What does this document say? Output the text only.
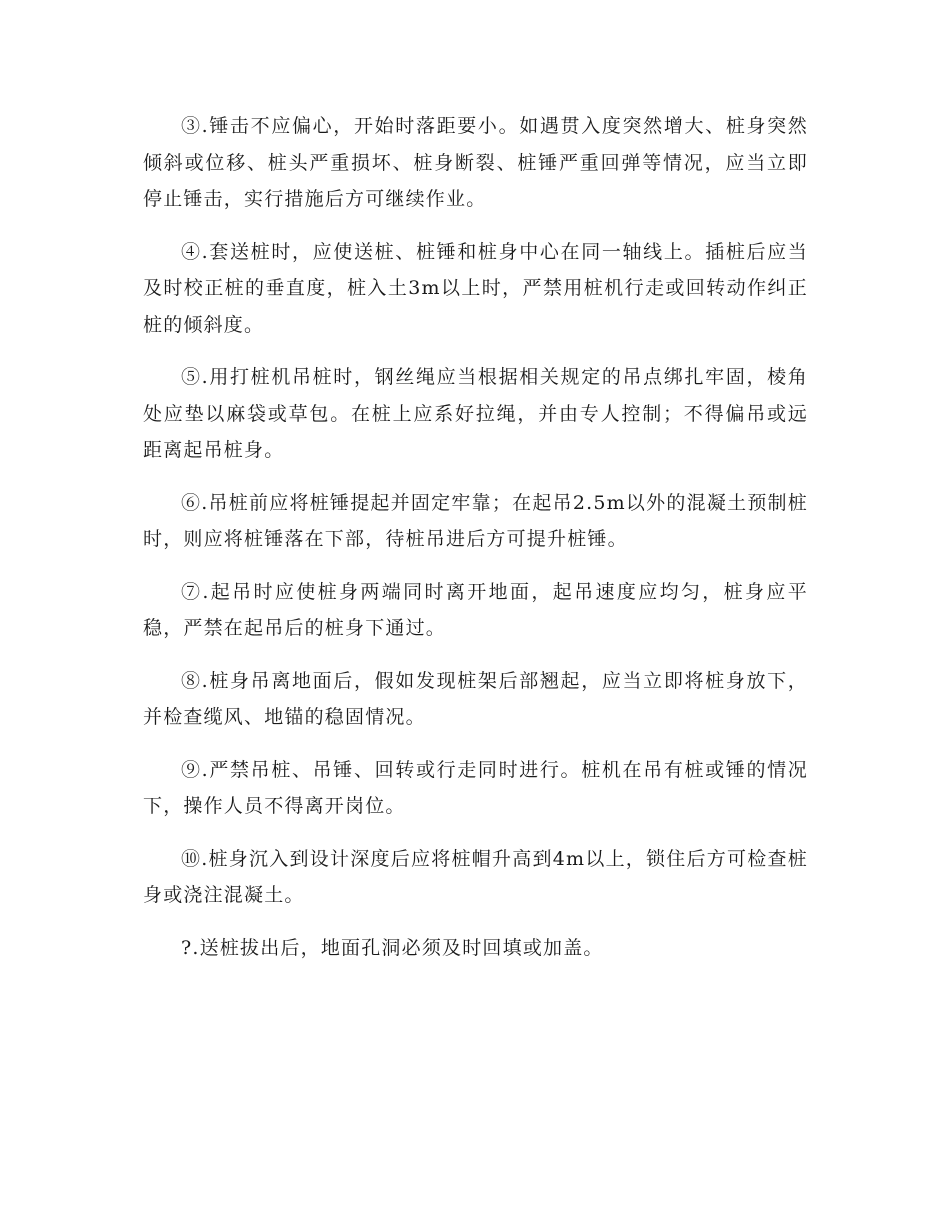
③.锤击不应偏心，开始时落距要小。如遇贯入度突然增大、桩身突然倾斜或位移、桩头严重损坏、桩身断裂、桩锤严重回弹等情况，应当立即停止锤击，实行措施后方可继续作业。

④.套送桩时，应使送桩、桩锤和桩身中心在同一轴线上。插桩后应当及时校正桩的垂直度，桩入土3m以上时，严禁用桩机行走或回转动作纠正桩的倾斜度。

⑤.用打桩机吊桩时，钢丝绳应当根据相关规定的吊点绑扎牢固，棱角处应垫以麻袋或草包。在桩上应系好拉绳，并由专人控制；不得偏吊或远距离起吊桩身。

⑥.吊桩前应将桩锤提起并固定牢靠；在起吊2.5m以外的混凝土预制桩时，则应将桩锤落在下部，待桩吊进后方可提升桩锤。

⑦.起吊时应使桩身两端同时离开地面，起吊速度应均匀，桩身应平稳，严禁在起吊后的桩身下通过。

⑧.桩身吊离地面后，假如发现桩架后部翘起，应当立即将桩身放下，并检查缆风、地锚的稳固情况。

⑨.严禁吊桩、吊锤、回转或行走同时进行。桩机在吊有桩或锤的情况下，操作人员不得离开岗位。

⑩.桩身沉入到设计深度后应将桩帽升高到4m以上，锁住后方可检查桩身或浇注混凝土。

?.送桩拔出后，地面孔洞必须及时回填或加盖。
